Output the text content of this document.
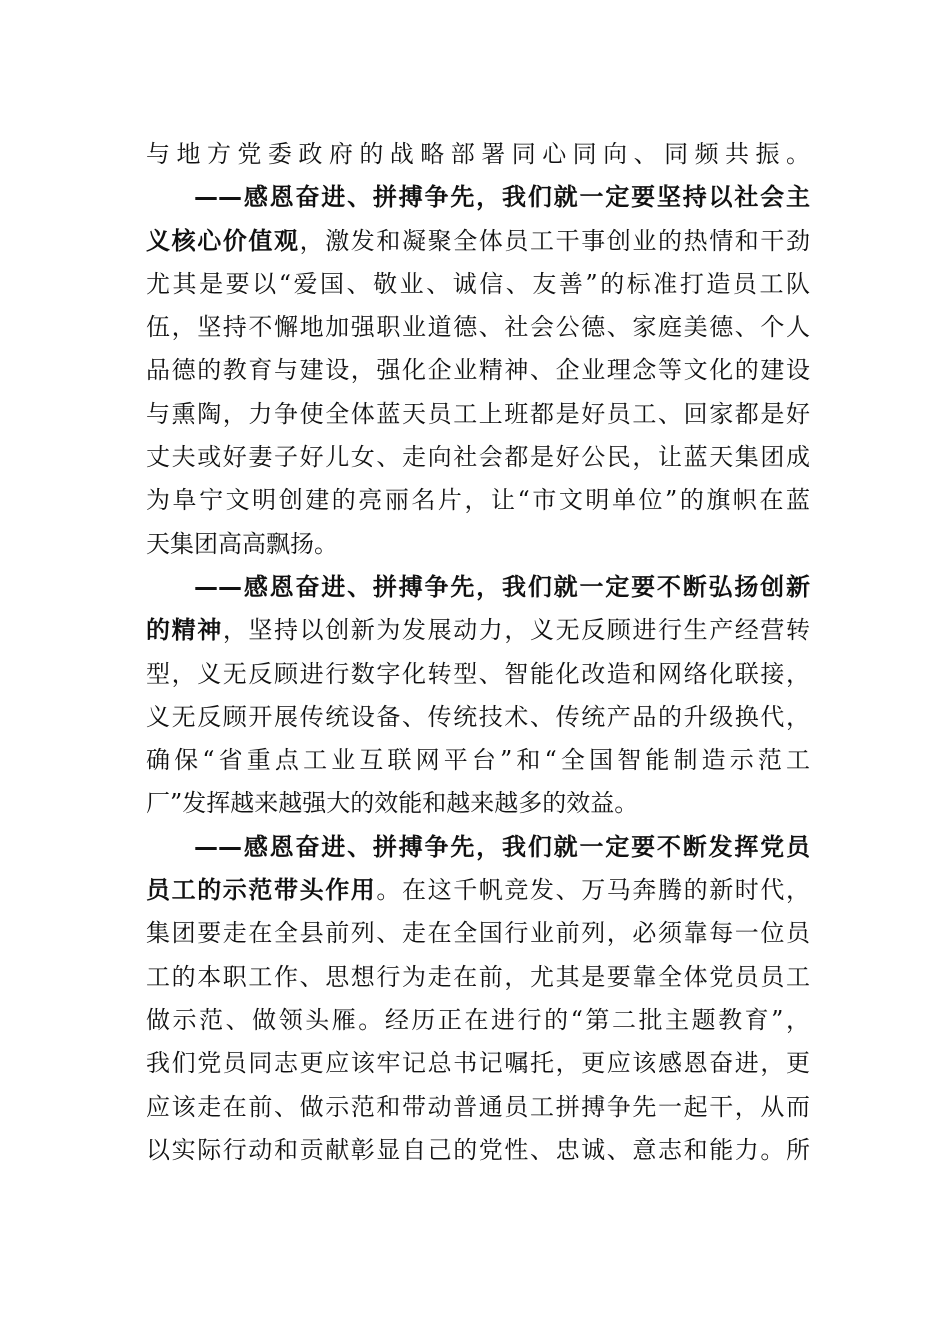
与地方党委政府的战略部署同心同向、同频共振。
——感恩奋进、拼搏争先，我们就一定要坚持以社会主
义核心价值观，激发和凝聚全体员工干事创业的热情和干劲
尤其是要以“爱国、敬业、诚信、友善”的标准打造员工队
伍，坚持不懈地加强职业道德、社会公德、家庭美德、个人
品德的教育与建设，强化企业精神、企业理念等文化的建设
与熏陶，力争使全体蓝天员工上班都是好员工、回家都是好
丈夫或好妻子好儿女、走向社会都是好公民，让蓝天集团成
为阜宁文明创建的亮丽名片，让“市文明单位”的旗帜在蓝
天集团高高飘扬。
——感恩奋进、拼搏争先，我们就一定要不断弘扬创新
的精神，坚持以创新为发展动力，义无反顾进行生产经营转
型，义无反顾进行数字化转型、智能化改造和网络化联接，
义无反顾开展传统设备、传统技术、传统产品的升级换代，
确保“省重点工业互联网平台”和“全国智能制造示范工
厂”发挥越来越强大的效能和越来越多的效益。
——感恩奋进、拼搏争先，我们就一定要不断发挥党员
员工的示范带头作用。在这千帆竞发、万马奔腾的新时代，
集团要走在全县前列、走在全国行业前列，必须靠每一位员
工的本职工作、思想行为走在前，尤其是要靠全体党员员工
做示范、做领头雁。经历正在进行的“第二批主题教育”，
我们党员同志更应该牢记总书记嘱托，更应该感恩奋进，更
应该走在前、做示范和带动普通员工拼搏争先一起干，从而
以实际行动和贡献彰显自己的党性、忠诚、意志和能力。所
